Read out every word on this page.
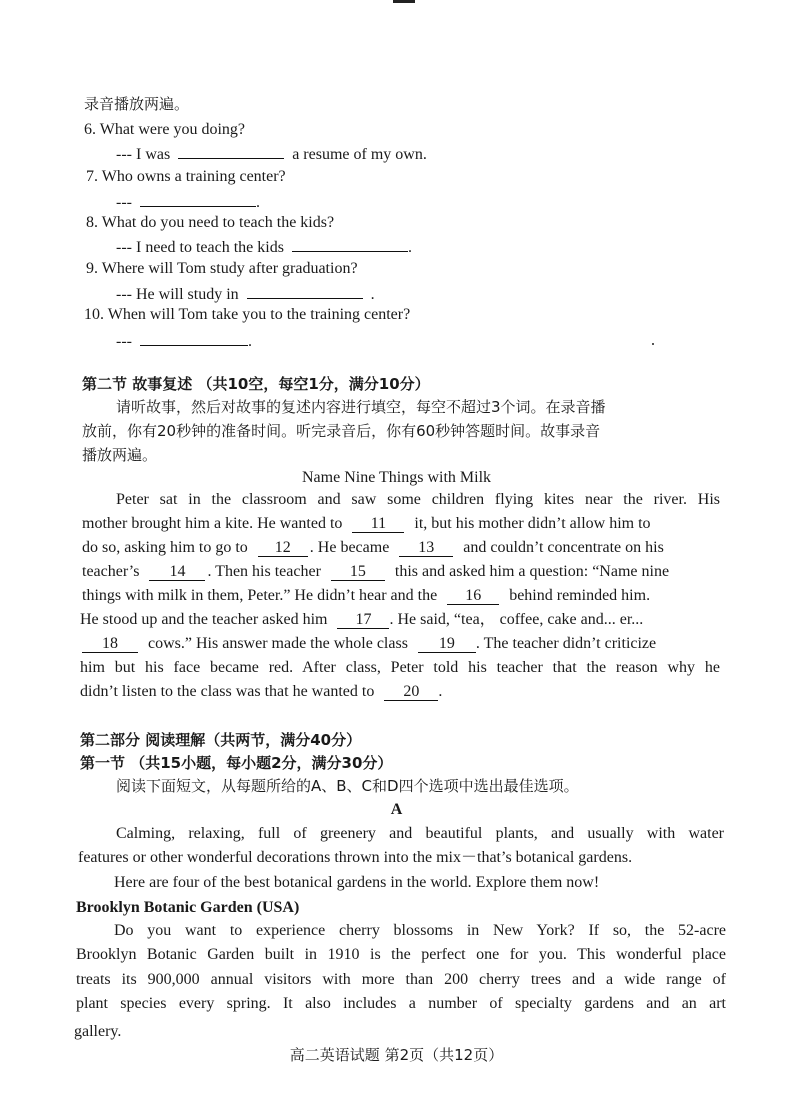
录音播放两遍。
6. What were you doing?
--- I was	a resume of my own.
7. Who owns a training center?
---	.
8. What do you need to teach the kids?
--- I need to teach the kids	.
9. Where will Tom study after graduation?
--- He will study in	.
10. When will Tom take you to the training center?
---	.
第二节 故事复述 （共10空，每空1分，满分10分）
请听故事，然后对故事的复述内容进行填空，每空不超过3个词。在录音播
放前，你有20秒钟的准备时间。听完录音后，你有60秒钟答题时间。故事录音
播放两遍。
Name Nine Things with Milk
Peter sat in the classroom and saw some children flying kites near the river. His
mother brought him a kite. He wanted to 11 it, but his mother didn’t allow him to
do so, asking him to go to 12 . He became 13 and couldn’t concentrate on his
teacher’s 14 . Then his teacher 15 this and asked him a question: “Name nine
things with milk in them, Peter.” He didn’t hear and the 16 behind reminded him.
He stood up and the teacher asked him 17 . He said, “tea， coffee, cake and... er...
18 cows.” His answer made the whole class 19 . The teacher didn’t criticize
him but his face became red. After class, Peter told his teacher that the reason why he
didn’t listen to the class was that he wanted to 20 .
第二部分 阅读理解（共两节，满分40分）
第一节 （共15小题，每小题2分，满分30分）
阅读下面短文，从每题所给的A、B、C和D四个选项中选出最佳选项。
A
Calming, relaxing, full of greenery and beautiful plants, and usually with water
features or other wonderful decorations thrown into the mix－that’s botanical gardens.
Here are four of the best botanical gardens in the world. Explore them now!
Brooklyn Botanic Garden (USA)
Do you want to experience cherry blossoms in New York? If so, the 52-acre
Brooklyn Botanic Garden built in 1910 is the perfect one for you. This wonderful place
treats its 900,000 annual visitors with more than 200 cherry trees and a wide range of
plant species every spring. It also includes a number of specialty gardens and an art
gallery.
高二英语试题 第2页（共12页）
